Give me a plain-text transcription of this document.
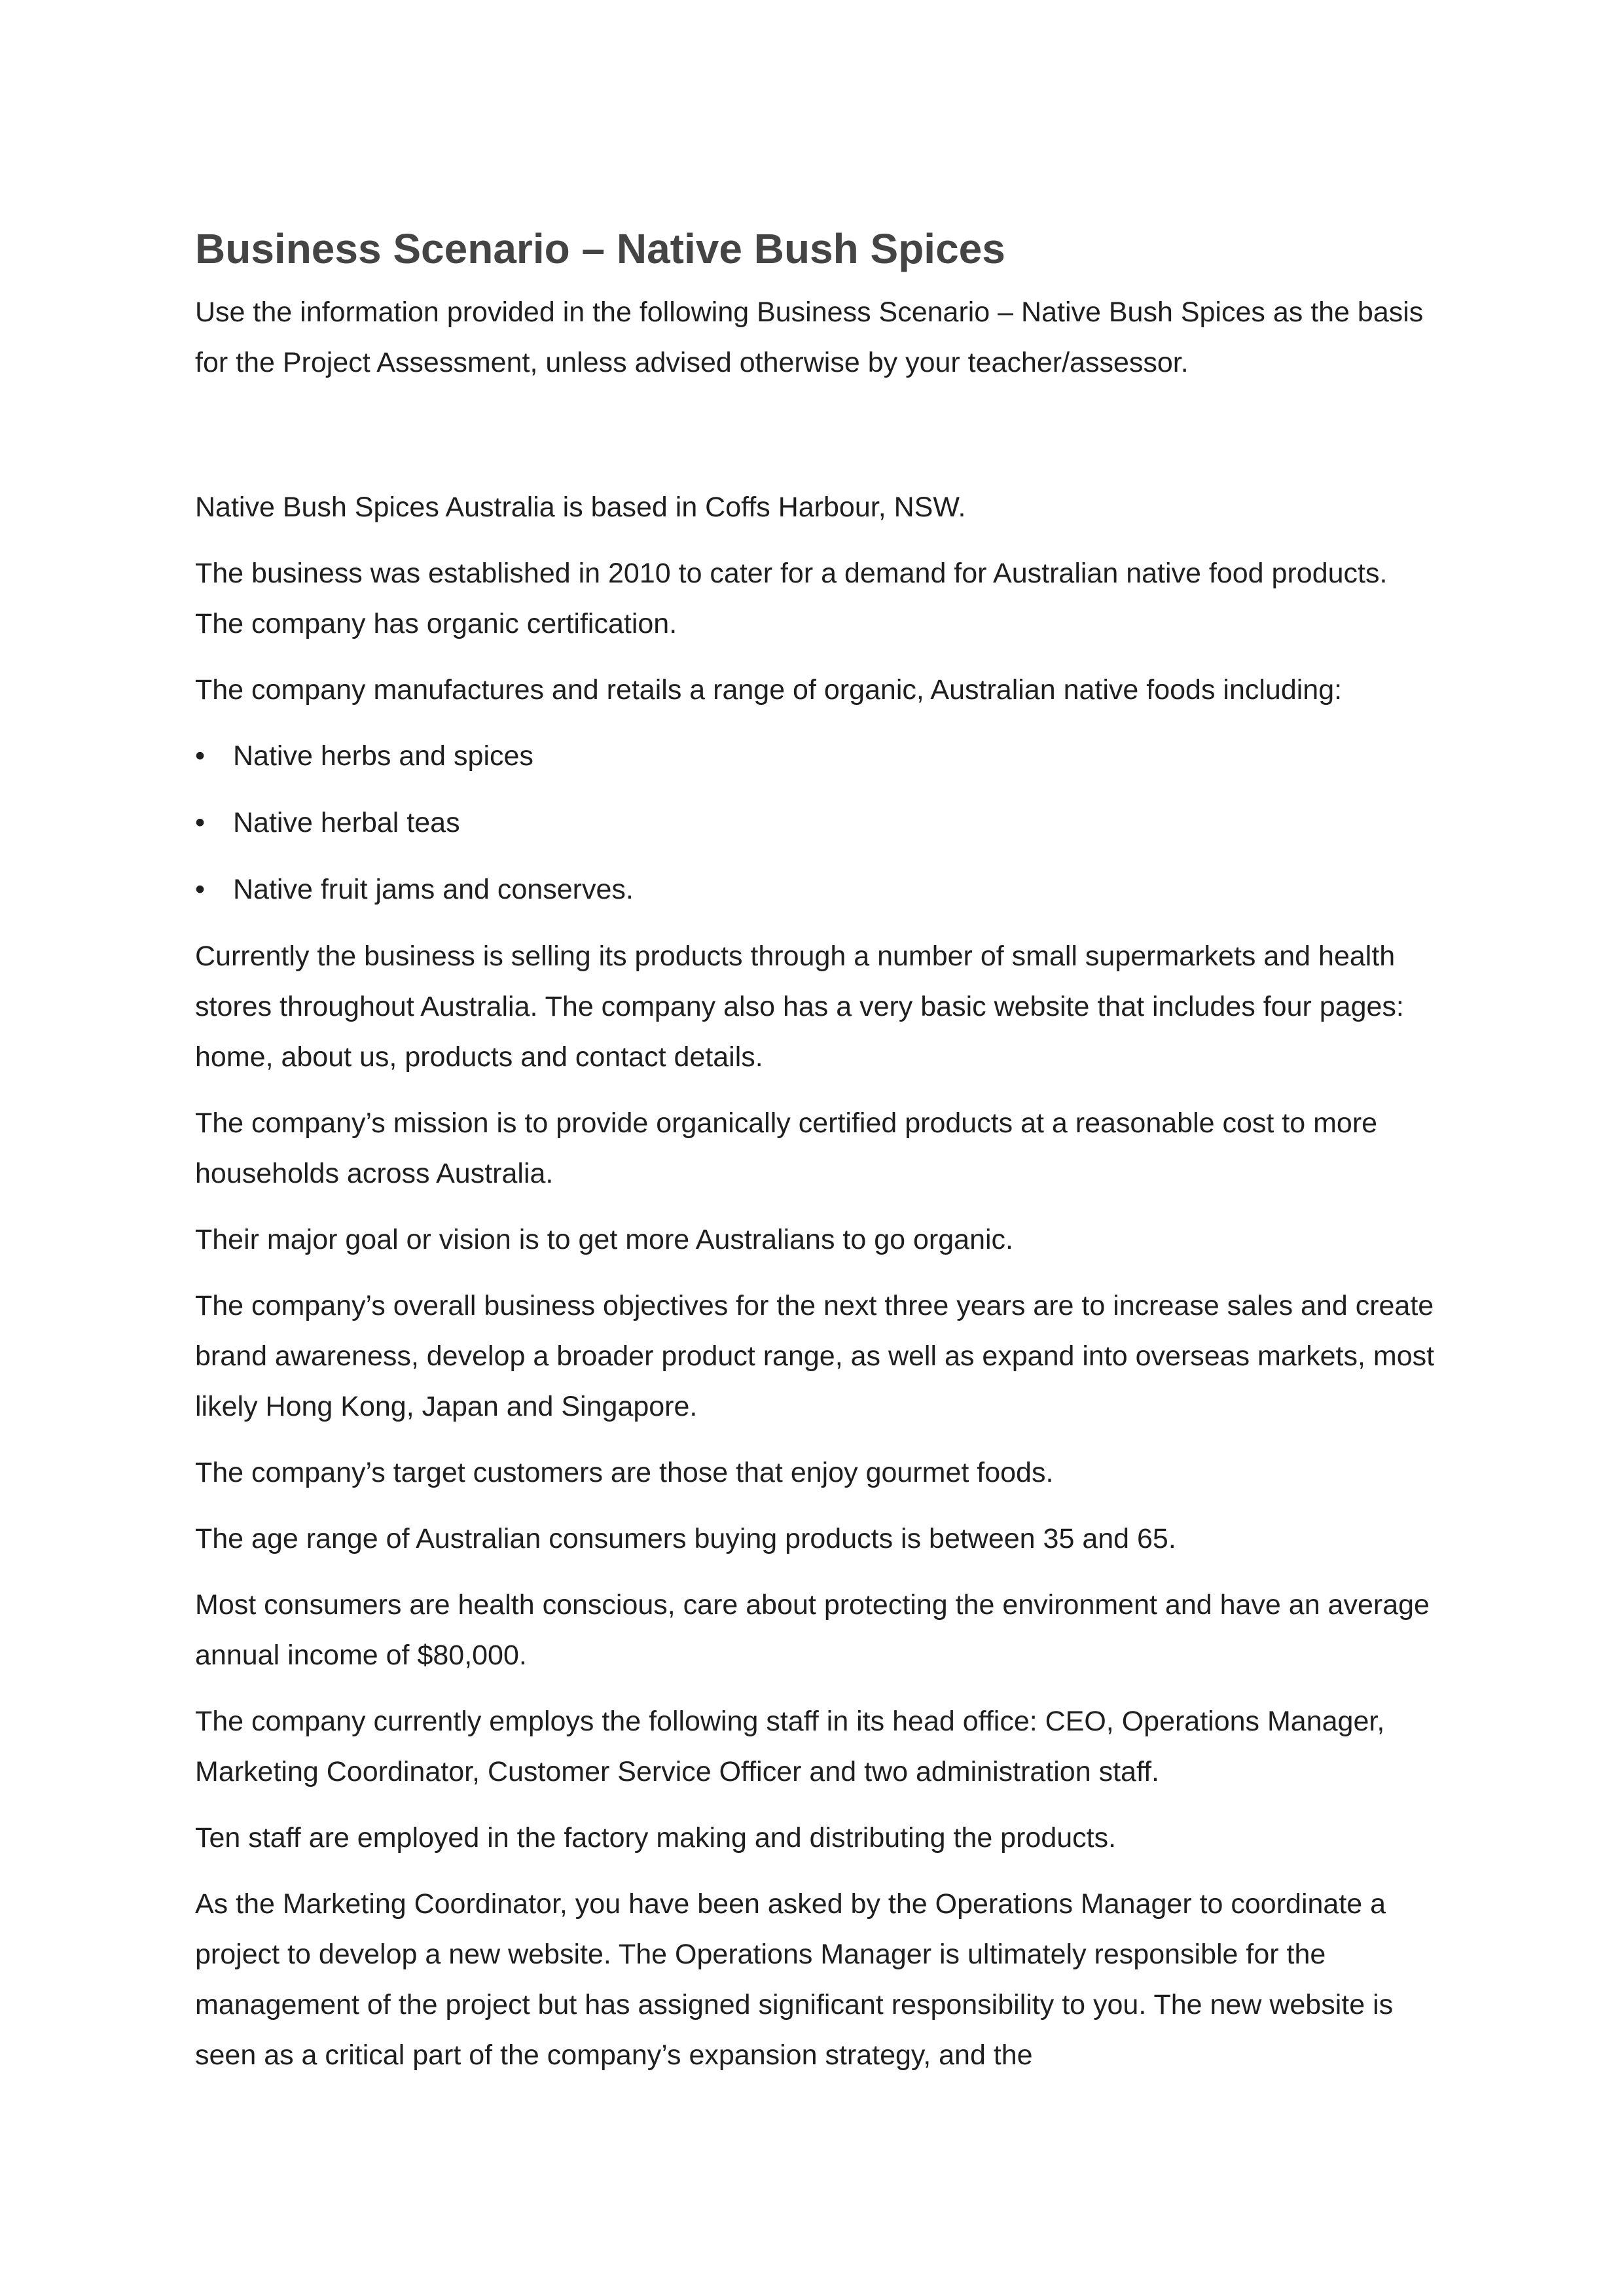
Business Scenario – Native Bush Spices

Use the information provided in the following Business Scenario – Native Bush Spices as the basis for the Project Assessment, unless advised otherwise by your teacher/assessor.

Native Bush Spices Australia is based in Coffs Harbour, NSW.

The business was established in 2010 to cater for a demand for Australian native food products. The company has organic certification.

The company manufactures and retails a range of organic, Australian native foods including:

• Native herbs and spices
• Native herbal teas
• Native fruit jams and conserves.

Currently the business is selling its products through a number of small supermarkets and health stores throughout Australia. The company also has a very basic website that includes four pages: home, about us, products and contact details.

The company’s mission is to provide organically certified products at a reasonable cost to more households across Australia.

Their major goal or vision is to get more Australians to go organic.

The company’s overall business objectives for the next three years are to increase sales and create brand awareness, develop a broader product range, as well as expand into overseas markets, most likely Hong Kong, Japan and Singapore.

The company’s target customers are those that enjoy gourmet foods.

The age range of Australian consumers buying products is between 35 and 65.

Most consumers are health conscious, care about protecting the environment and have an average annual income of $80,000.

The company currently employs the following staff in its head office: CEO, Operations Manager, Marketing Coordinator, Customer Service Officer and two administration staff.

Ten staff are employed in the factory making and distributing the products.

As the Marketing Coordinator, you have been asked by the Operations Manager to coordinate a project to develop a new website. The Operations Manager is ultimately responsible for the management of the project but has assigned significant responsibility to you. The new website is seen as a critical part of the company’s expansion strategy, and the
